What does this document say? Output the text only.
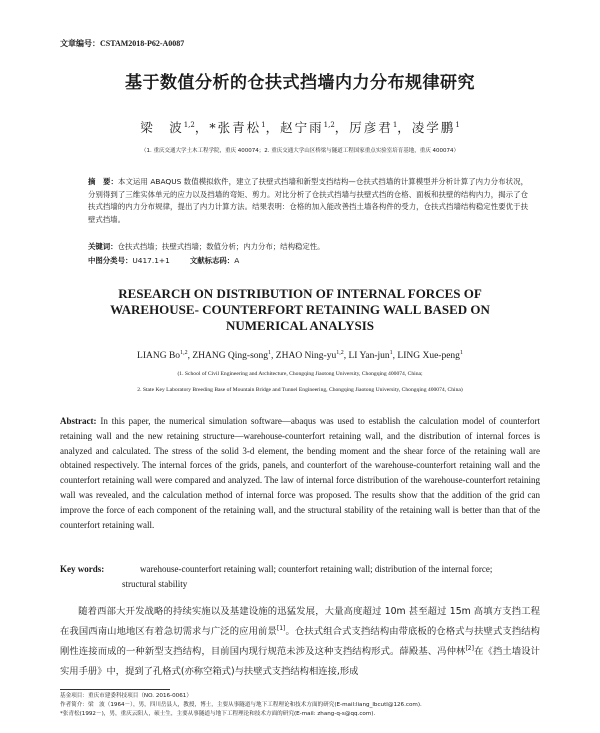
文章编号：CSTAM2018-P62-A0087
基于数值分析的仓扶式挡墙内力分布规律研究
梁　波$^{1,2}$，*张青松$^1$，赵宁雨$^{1,2}$，厉彦君$^1$，凌学鹏$^1$
（1. 重庆交通大学土木工程学院，重庆 400074；2. 重庆交通大学山区桥梁与隧道工程国家重点实验室培育基地，重庆 400074）
摘　要：本文运用 ABAQUS 数值模拟软件，建立了扶壁式挡墙和新型支挡结构—仓扶式挡墙的计算模型并分析计算了内力分布状况，分别得到了三维实体单元的应力以及挡墙的弯矩、剪力。对比分析了仓扶式挡墙与扶壁式挡的仓格、面板和扶壁的结构内力，揭示了仓扶式挡墙的内力分布规律，提出了内力计算方法。结果表明：仓格的加入能改善挡土墙各构件的受力，仓扶式挡墙结构稳定性要优于扶壁式挡墙。
关键词：仓扶式挡墙；扶壁式挡墙；数值分析；内力分布；结构稳定性。
中图分类号：U417.1+1	文献标志码：A
RESEARCH ON DISTRIBUTION OF INTERNAL FORCES OF WAREHOUSE- COUNTERFORT RETAINING WALL BASED ON NUMERICAL ANALYSIS
LIANG Bo$^{1,2}$, ZHANG Qing-song$^1$, ZHAO Ning-yu$^{1,2}$, LI Yan-jun$^1$, LING Xue-peng$^1$
(1. School of Civil Engineering and Architecture, Chongqing Jiaotong University, Chongqing 400074, China;
2. State Key Laboratory Breeding Base of Mountain Bridge and Tunnel Engineering, Chongqing Jiaotong University, Chongqing 400074, China)
Abstract: In this paper, the numerical simulation software—abaqus was used to establish the calculation model of counterfort retaining wall and the new retaining structure—warehouse-counterfort retaining wall, and the distribution of internal forces is analyzed and calculated. The stress of the solid 3-d element, the bending moment and the shear force of the retaining wall are obtained respectively. The internal forces of the grids, panels, and counterfort of the warehouse-counterfort retaining wall and the counterfort retaining wall were compared and analyzed. The law of internal force distribution of the warehouse-counterfort retaining wall was revealed, and the calculation method of internal force was proposed. The results show that the addition of the grid can improve the force of each component of the retaining wall, and the structural stability of the retaining wall is better than that of the counterfort retaining wall.
Key words:	warehouse-counterfort retaining wall; counterfort retaining wall; distribution of the internal force;
structural stability
随着西部大开发战略的持续实施以及基建设施的迅猛发展，大量高度超过 10m 甚至超过 15m 高填方支挡工程在我国西南山地地区有着急切需求与广泛的应用前景[1]。仓扶式组合式支挡结构由带底板的仓格式与扶壁式支挡结构刚性连接而成的一种新型支挡结构，目前国内现行规范未涉及这种支挡结构形式。薛殿基、冯仲林[2]在《挡土墙设计实用手册》中，提到了孔格式(亦称空箱式)与扶壁式支挡结构相连接,形成
基金项目：重庆市建委科技项目（NO. 2016-0061）
作者简介：梁　波（1964－），男，四川岳县人，教授，博士，主要从事隧道与地下工程理论和技术方面的研究(E-mail:liang_lbcutl@126.com).
*张青松(1992－)，男，重庆云阳人，硕士生，主要从事隧道与地下工程理论和技术方面的研究(E-mail: zhang-q-s@qq.com).
